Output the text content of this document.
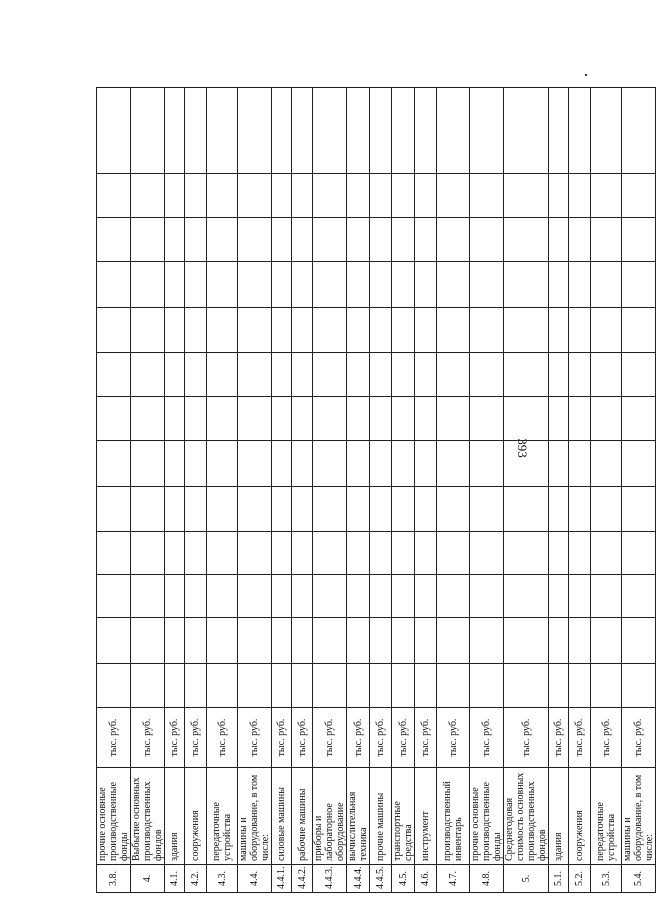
393
3.8.	прочие основные производственные фонды	тыс. руб.													
4.	Выбытие основных производственных фондов	тыс. руб.													
4.1.	здания	тыс. руб.													
4.2.	сооружения	тыс. руб.													
4.3.	передаточные устройства	тыс. руб.													
4.4.	машины и оборудование, в том числе:	тыс. руб.													
4.4.1.	силовые машины	тыс. руб.													
4.4.2.	рабочие машины	тыс. руб.													
4.4.3.	приборы и лабораторное оборудование	тыс. руб.													
4.4.4.	вычислительная техника	тыс. руб.													
4.4.5.	прочие машины	тыс. руб.													
4.5.	транспортные средства	тыс. руб.													
4.6.	инструмент	тыс. руб.													
4.7.	производственный инвентарь	тыс. руб.													
4.8.	прочие основные производственные фонды	тыс. руб.													
5.	Среднегодовая стоимость основных производственных фондов	тыс. руб.													
5.1.	здания	тыс. руб.													
5.2.	сооружения	тыс. руб.													
5.3.	передаточные устройства	тыс. руб.													
5.4.	машины и оборудование, в том числе:	тыс. руб.													
